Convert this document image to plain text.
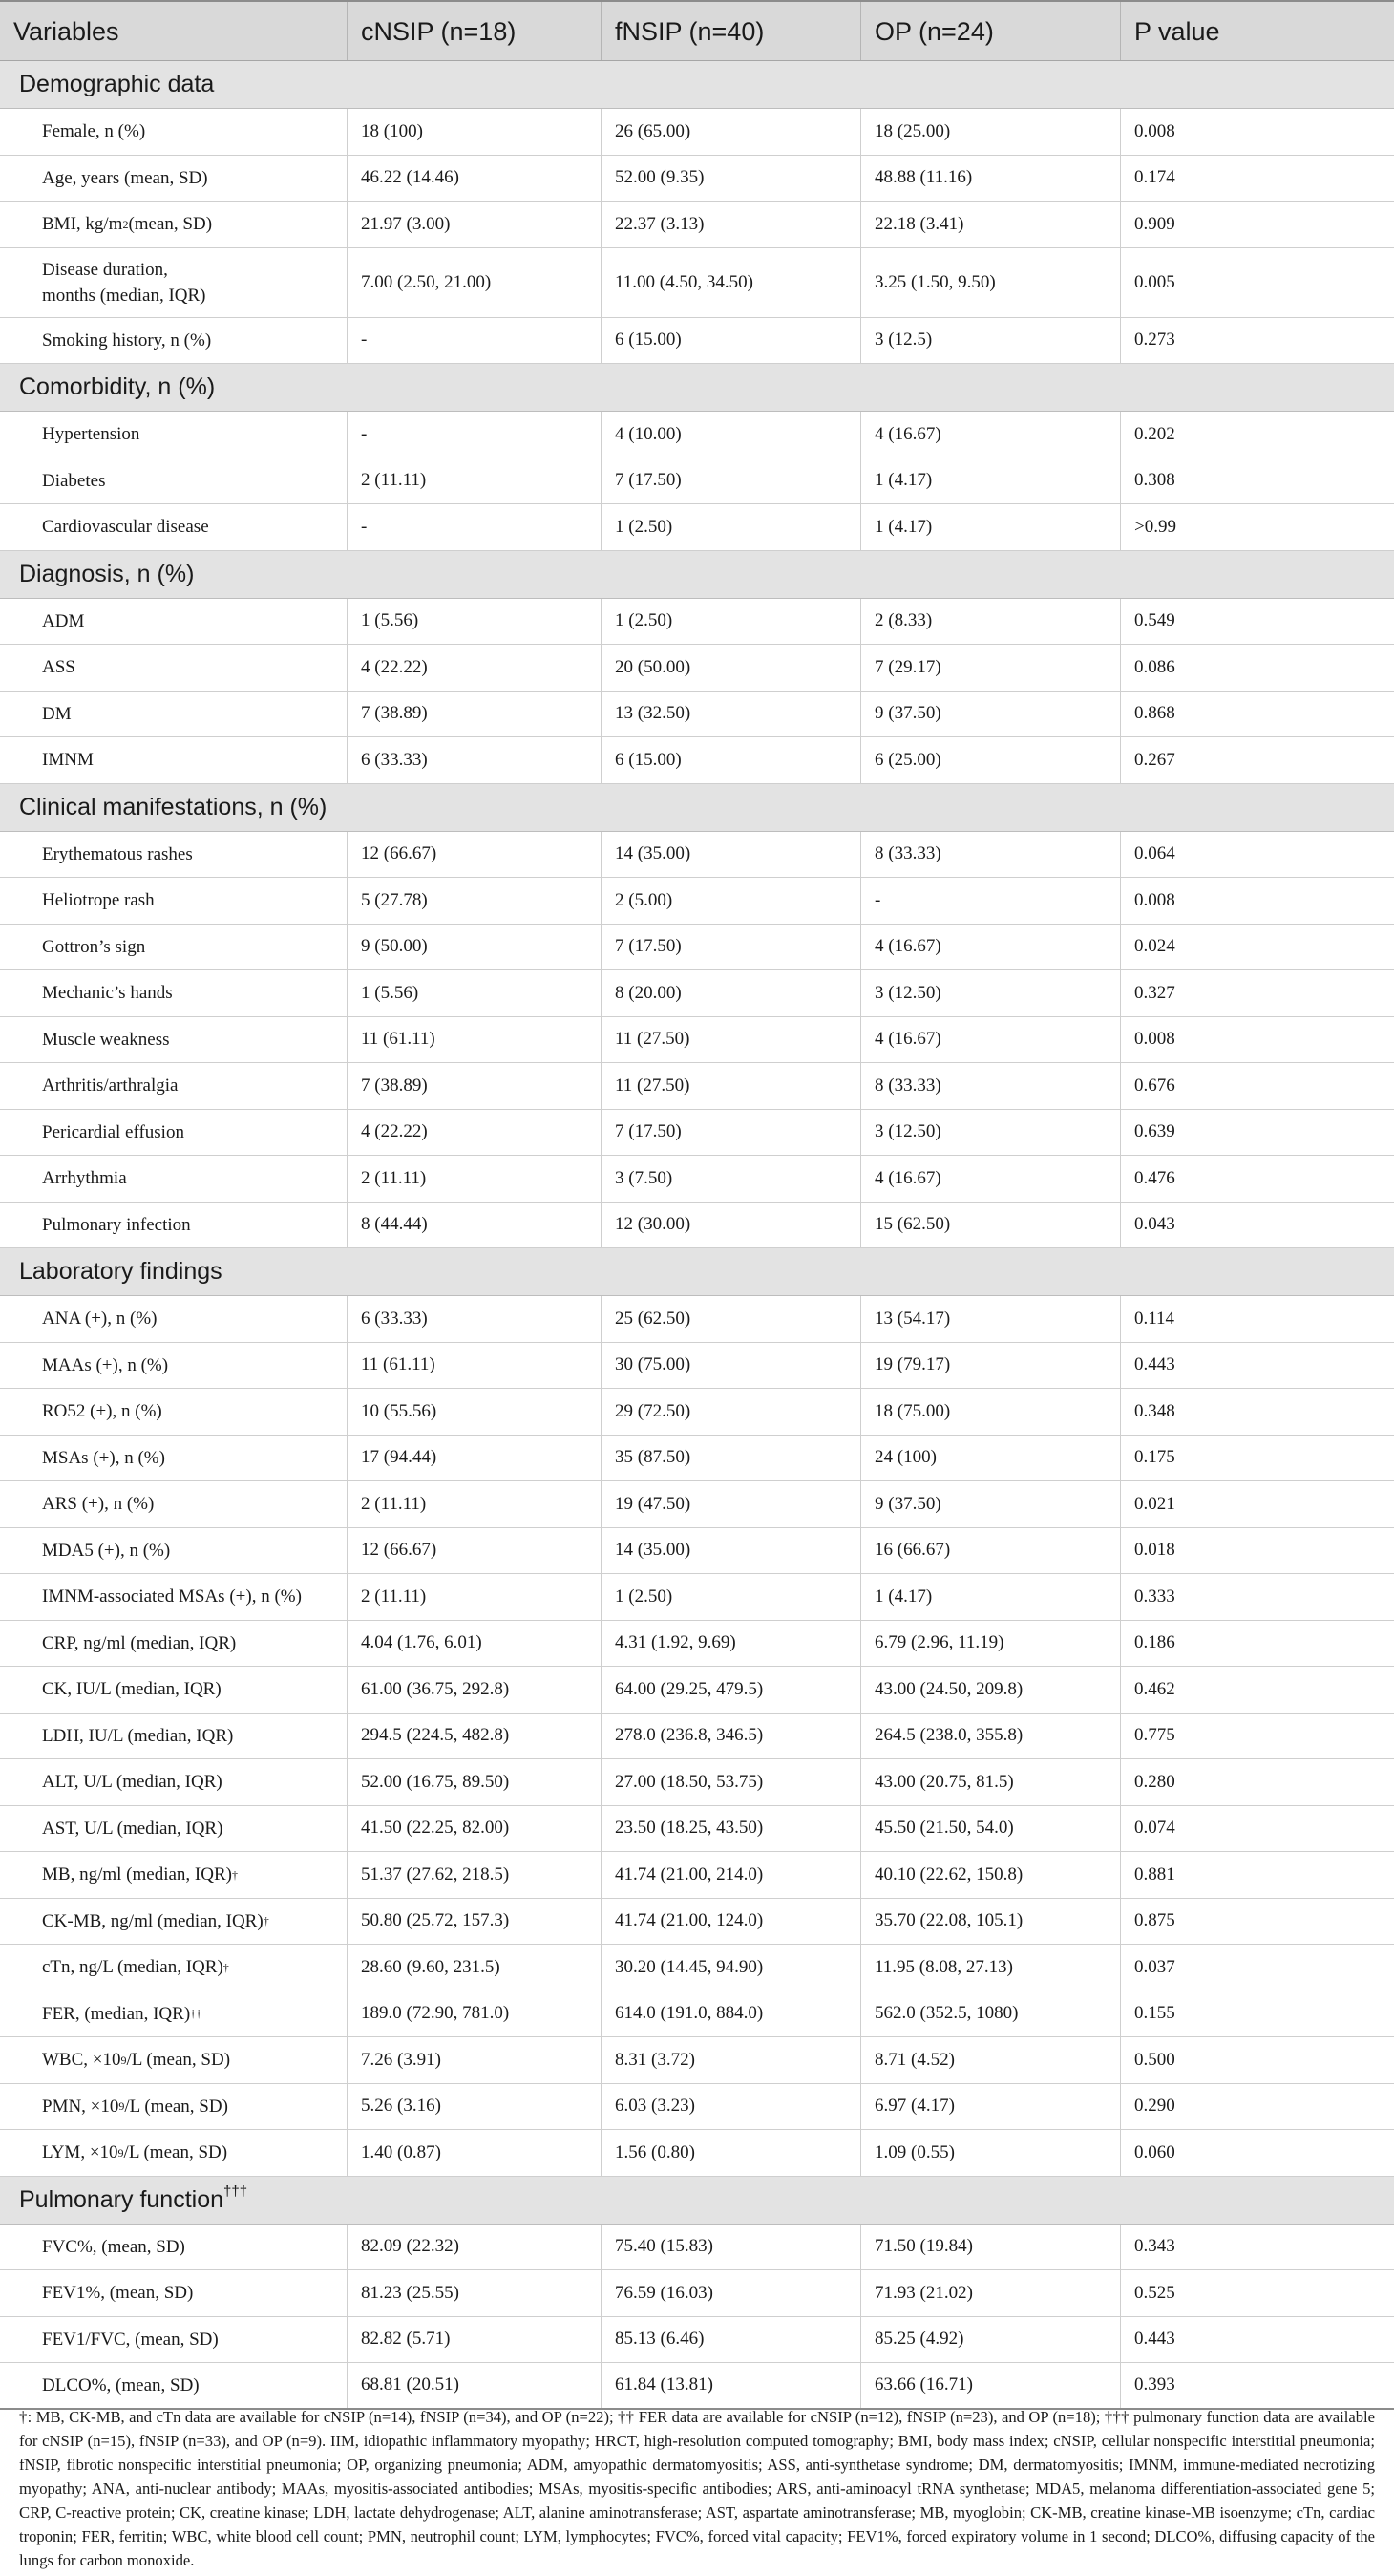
Variables	cNSIP (n=18)	fNSIP (n=40)	OP (n=24)	P value
Demographic data
Female, n (%)	18 (100)	26 (65.00)	18 (25.00)	0.008
Age, years (mean, SD)	46.22 (14.46)	52.00 (9.35)	48.88 (11.16)	0.174
BMI, kg/m 2 (mean, SD)	21.97 (3.00)	22.37 (3.13)	22.18 (3.41)	0.909
Disease duration,
months (median, IQR)
7.00 (2.50, 21.00)	11.00 (4.50, 34.50)	3.25 (1.50, 9.50)	0.005
Smoking history, n (%)	-	6 (15.00)	3 (12.5)	0.273
Comorbidity, n (%)
Hypertension	-	4 (10.00)	4 (16.67)	0.202
Diabetes	2 (11.11)	7 (17.50)	1 (4.17)	0.308
Cardiovascular disease	-	1 (2.50)	1 (4.17)	>0.99
Diagnosis, n (%)
ADM	1 (5.56)	1 (2.50)	2 (8.33)	0.549
ASS	4 (22.22)	20 (50.00)	7 (29.17)	0.086
DM	7 (38.89)	13 (32.50)	9 (37.50)	0.868
IMNM	6 (33.33)	6 (15.00)	6 (25.00)	0.267
Clinical manifestations, n (%)
Erythematous rashes	12 (66.67)	14 (35.00)	8 (33.33)	0.064
Heliotrope rash	5 (27.78)	2 (5.00)	-	0.008
Gottron’s sign	9 (50.00)	7 (17.50)	4 (16.67)	0.024
Mechanic’s hands	1 (5.56)	8 (20.00)	3 (12.50)	0.327
Muscle weakness	11 (61.11)	11 (27.50)	4 (16.67)	0.008
Arthritis/arthralgia	7 (38.89)	11 (27.50)	8 (33.33)	0.676
Pericardial effusion	4 (22.22)	7 (17.50)	3 (12.50)	0.639
Arrhythmia	2 (11.11)	3 (7.50)	4 (16.67)	0.476
Pulmonary infection	8 (44.44)	12 (30.00)	15 (62.50)	0.043
Laboratory findings
ANA (+), n (%)	6 (33.33)	25 (62.50)	13 (54.17)	0.114
MAAs (+), n (%)	11 (61.11)	30 (75.00)	19 (79.17)	0.443
RO52 (+), n (%)	10 (55.56)	29 (72.50)	18 (75.00)	0.348
MSAs (+), n (%)	17 (94.44)	35 (87.50)	24 (100)	0.175
ARS (+), n (%)	2 (11.11)	19 (47.50)	9 (37.50)	0.021
MDA5 (+), n (%)	12 (66.67)	14 (35.00)	16 (66.67)	0.018
IMNM-associated MSAs (+), n (%)	2 (11.11)	1 (2.50)	1 (4.17)	0.333
CRP, ng/ml (median, IQR)	4.04 (1.76, 6.01)	4.31 (1.92, 9.69)	6.79 (2.96, 11.19)	0.186
CK, IU/L (median, IQR)	61.00 (36.75, 292.8)	64.00 (29.25, 479.5)	43.00 (24.50, 209.8)	0.462
LDH, IU/L (median, IQR)	294.5 (224.5, 482.8)	278.0 (236.8, 346.5)	264.5 (238.0, 355.8)	0.775
ALT, U/L (median, IQR)	52.00 (16.75, 89.50)	27.00 (18.50, 53.75)	43.00 (20.75, 81.5)	0.280
AST, U/L (median, IQR)	41.50 (22.25, 82.00)	23.50 (18.25, 43.50)	45.50 (21.50, 54.0)	0.074
MB, ng/ml (median, IQR) †	51.37 (27.62, 218.5)	41.74 (21.00, 214.0)	40.10 (22.62, 150.8)	0.881
CK-MB, ng/ml (median, IQR) †	50.80 (25.72, 157.3)	41.74 (21.00, 124.0)	35.70 (22.08, 105.1)	0.875
cTn, ng/L (median, IQR) †	28.60 (9.60, 231.5)	30.20 (14.45, 94.90)	11.95 (8.08, 27.13)	0.037
FER, (median, IQR) ††	189.0 (72.90, 781.0)	614.0 (191.0, 884.0)	562.0 (352.5, 1080)	0.155
WBC, ×10 9 /L (mean, SD)	7.26 (3.91)	8.31 (3.72)	8.71 (4.52)	0.500
PMN, ×10 9 /L (mean, SD)	5.26 (3.16)	6.03 (3.23)	6.97 (4.17)	0.290
LYM, ×10 9 /L (mean, SD)	1.40 (0.87)	1.56 (0.80)	1.09 (0.55)	0.060
Pulmonary function†††
FVC%, (mean, SD)	82.09 (22.32)	75.40 (15.83)	71.50 (19.84)	0.343
FEV1%, (mean, SD)	81.23 (25.55)	76.59 (16.03)	71.93 (21.02)	0.525
FEV1/FVC, (mean, SD)	82.82 (5.71)	85.13 (6.46)	85.25 (4.92)	0.443
DLCO%, (mean, SD)	68.81 (20.51)	61.84 (13.81)	63.66 (16.71)	0.393
†: MB, CK-MB, and cTn data are available for cNSIP (n=14), fNSIP (n=34), and OP (n=22); †† FER data are available for cNSIP (n=12), fNSIP (n=23), and OP (n=18); ††† pulmonary function data are available for cNSIP (n=15), fNSIP (n=33), and OP (n=9). IIM, idiopathic inflammatory myopathy; HRCT, high-resolution computed tomography; BMI, body mass index; cNSIP, cellular nonspecific interstitial pneumonia; fNSIP, fibrotic nonspecific interstitial pneumonia; OP, organizing pneumonia; ADM, amyopathic dermatomyositis; ASS, anti-synthetase syndrome; DM, dermatomyositis; IMNM, immune-mediated necrotizing myopathy; ANA, anti-nuclear antibody; MAAs, myositis-associated antibodies; MSAs, myositis-specific antibodies; ARS, anti-aminoacyl tRNA synthetase; MDA5, melanoma differentiation-associated gene 5; CRP, C-reactive protein; CK, creatine kinase; LDH, lactate dehydrogenase; ALT, alanine aminotransferase; AST, aspartate aminotransferase; MB, myoglobin; CK-MB, creatine kinase-MB isoenzyme; cTn, cardiac troponin; FER, ferritin; WBC, white blood cell count; PMN, neutrophil count; LYM, lymphocytes; FVC%, forced vital capacity; FEV1%, forced expiratory volume in 1 second; DLCO%, diffusing capacity of the lungs for carbon monoxide.
